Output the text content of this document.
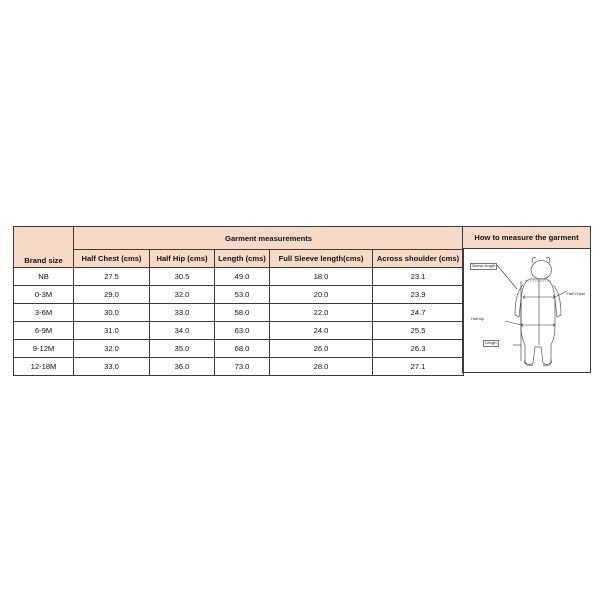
Brand size	Garment measurements				
	Half Chest (cms)	Half Hip (cms)	Length (cms)	Full Sleeve length(cms)	Across shoulder (cms)
NB	27.5	30.5	49.0	18.0	23.1
0-3M	29.0	32.0	53.0	20.0	23.9
3-6M	30.0	33.0	58.0	22.0	24.7
6-9M	31.0	34.0	63.0	24.0	25.5
9-12M	32.0	35.0	68.0	26.0	26.3
12-18M	33.0	36.0	73.0	28.0	27.1
How to measure the garment
Sleeve length
Half Chest
Half hip
Length
